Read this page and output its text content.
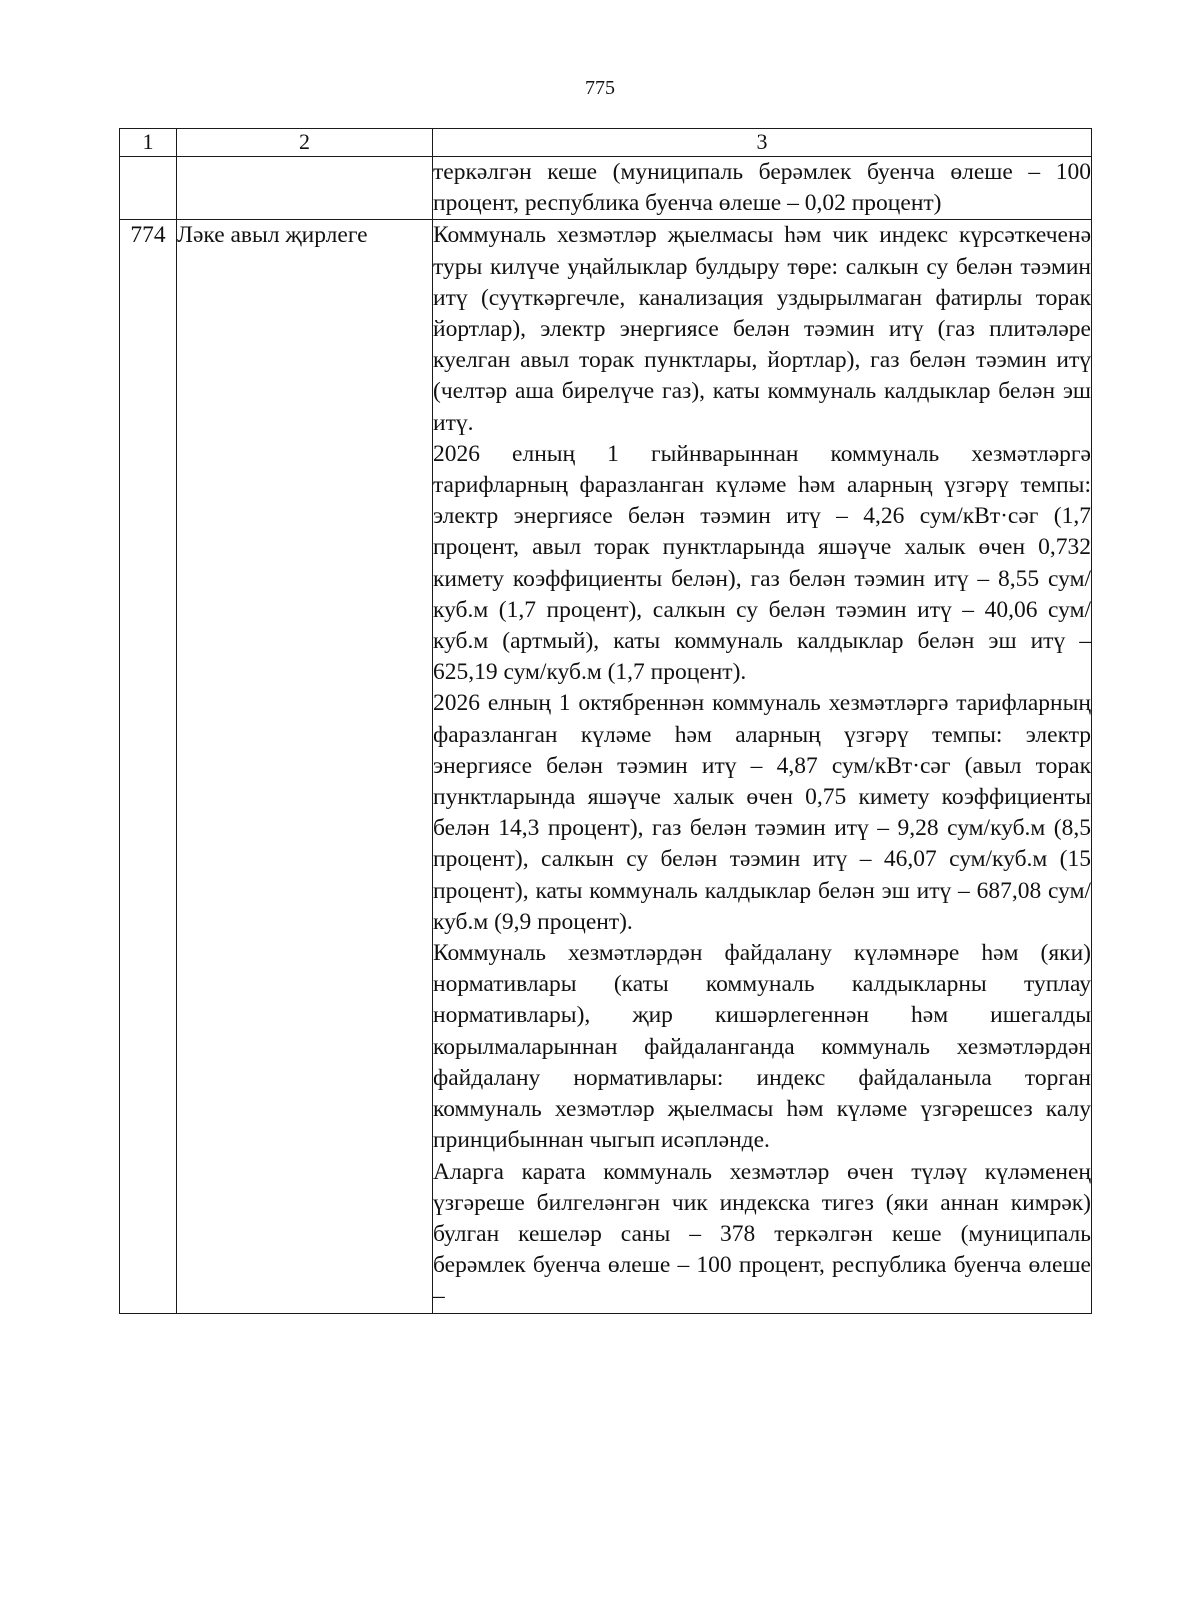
775
1	2	3

		теркәлгән кеше (муниципаль берәмлек буенча өлеше – 100 процент, республика буенча өлеше – 0,02 процент)

774	Ләке авыл җирлеге	Коммуналь хезмәтләр җыелмасы һәм чик индекс күрсәткеченә туры килүче уңайлыклар булдыру төре: салкын су белән тәэмин итү (суүткәргечле, канализация уздырылмаган фатирлы торак йортлар), электр энергиясе белән тәэмин итү (газ плитәләре куелган авыл торак пунктлары, йортлар), газ белән тәэмин итү (челтәр аша бирелүче газ), каты коммуналь калдыклар белән эш итү.

2026 елның 1 гыйнварыннан коммуналь хезмәтләргә тарифларның фаразланган күләме һәм аларның үзгәрү темпы: электр энергиясе белән тәэмин итү – 4,26 сум/кВт·сәг (1,7 процент, авыл торак пунктларында яшәүче халык өчен 0,732 кимету коэффициенты белән), газ белән тәэмин итү – 8,55 сум/куб.м (1,7 процент), салкын су белән тәэмин итү – 40,06 сум/куб.м (артмый), каты коммуналь калдыклар белән эш итү – 625,19 сум/куб.м (1,7 процент).

2026 елның 1 октябреннән коммуналь хезмәтләргә тарифларның фаразланган күләме һәм аларның үзгәрү темпы: электр энергиясе белән тәэмин итү – 4,87 сум/кВт·сәг (авыл торак пунктларында яшәүче халык өчен 0,75 кимету коэффициенты белән 14,3 процент), газ белән тәэмин итү – 9,28 сум/куб.м (8,5 процент), салкын су белән тәэмин итү – 46,07 сум/куб.м (15 процент), каты коммуналь калдыклар белән эш итү – 687,08 сум/куб.м (9,9 процент).

Коммуналь хезмәтләрдән файдалану күләмнәре һәм (яки) нормативлары (каты коммуналь калдыкларны туплау нормативлары), җир кишәрлегеннән һәм ишегалды корылмаларыннан файдаланганда коммуналь хезмәтләрдән файдалану нормативлары: индекс файдаланыла торган коммуналь хезмәтләр җыелмасы һәм күләме үзгәрешсез калу принцибыннан чыгып исәпләнде.

Аларга карата коммуналь хезмәтләр өчен түләү күләменең үзгәреше билгеләнгән чик индекска тигез (яки аннан кимрәк) булган кешеләр саны – 378 теркәлгән кеше (муниципаль берәмлек буенча өлеше – 100 процент, республика буенча өлеше –
